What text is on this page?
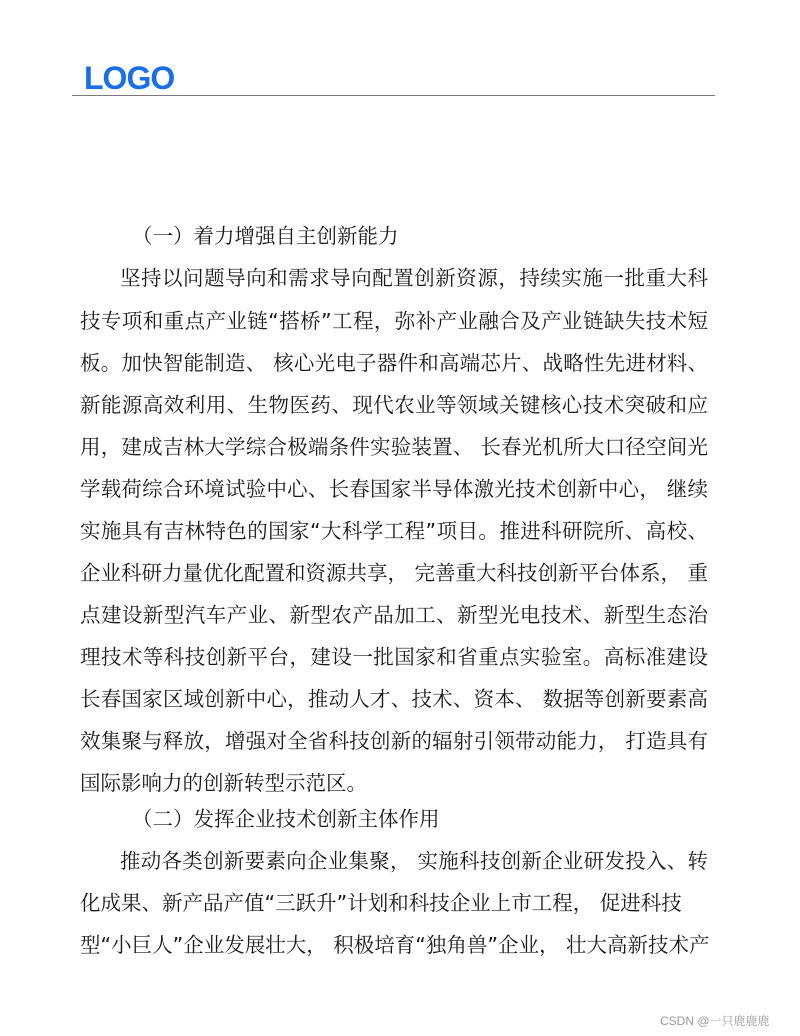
LOGO
（一）着力增强自主创新能力
坚持以问题导向和需求导向配置创新资源，持续实施一批重大科
技专项和重点产业链“搭桥”工程，弥补产业融合及产业链缺失技术短
板。加快智能制造、 核心光电子器件和高端芯片、战略性先进材料、
新能源高效利用、生物医药、现代农业等领域关键核心技术突破和应
用，建成吉林大学综合极端条件实验装置、 长春光机所大口径空间光
学载荷综合环境试验中心、长春国家半导体激光技术创新中心， 继续
实施具有吉林特色的国家“大科学工程”项目。推进科研院所、高校、
企业科研力量优化配置和资源共享， 完善重大科技创新平台体系， 重
点建设新型汽车产业、新型农产品加工、新型光电技术、新型生态治
理技术等科技创新平台，建设一批国家和省重点实验室。高标准建设
长春国家区域创新中心，推动人才、技术、资本、 数据等创新要素高
效集聚与释放，增强对全省科技创新的辐射引领带动能力， 打造具有
国际影响力的创新转型示范区。
（二）发挥企业技术创新主体作用
推动各类创新要素向企业集聚， 实施科技创新企业研发投入、转
化成果、新产品产值“三跃升”计划和科技企业上市工程， 促进科技
型“小巨人”企业发展壮大， 积极培育“独角兽”企业， 壮大高新技术产
CSDN @一只鹿鹿鹿
